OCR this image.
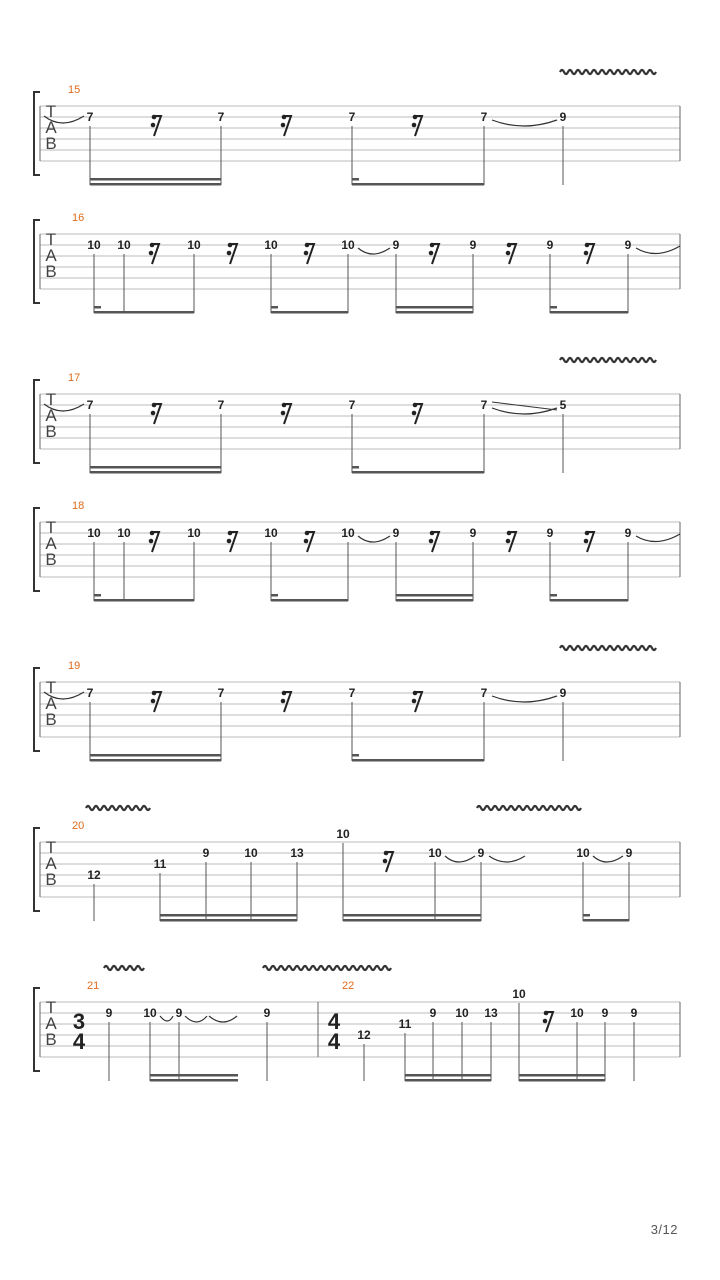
T
A
B
15
7	7	7	7	9
T
A
B
16
10 10	10	10	10	9	9	9	9
T
A
B
17
7	7	7	7	5
T
A
B
18
10 10	10	10	10	9	9	9	9
T
A
B
19
7	7	7	7	9
T
A
B
20
12
11
9	10	13
10
10	9	10	9
T
A
B
21
3
4
9	10 9	9
22
4
4 12
11
9 10 13
10
10 9 9
3/12
